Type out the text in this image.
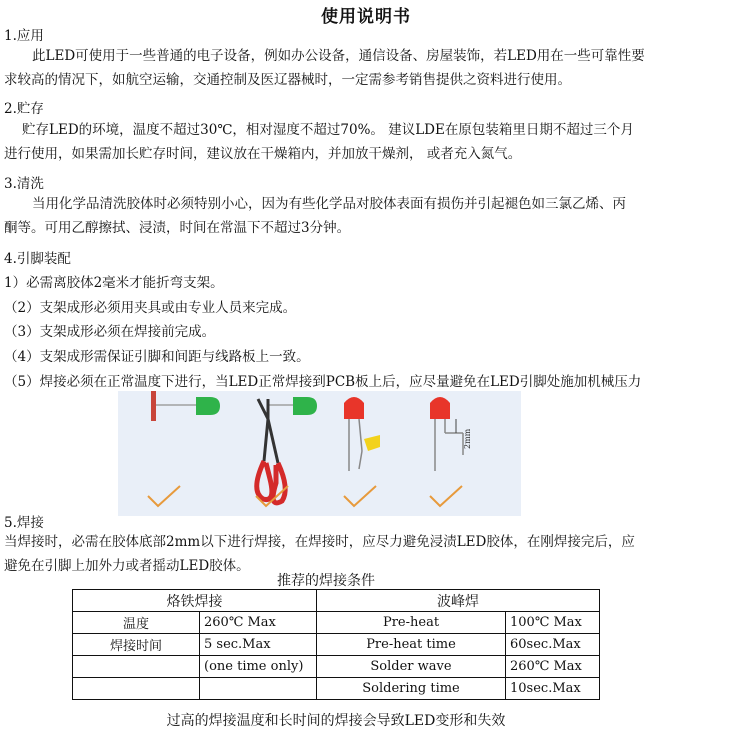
使用说明书
1.应用
此LED可使用于一些普通的电子设备，例如办公设备，通信设备、房屋装饰，若LED用在一些可靠性要
求较高的情况下，如航空运输，交通控制及医辽器械时，一定需参考销售提供之资料进行使用。
2.贮存
贮存LED的环境，温度不超过30℃，相对湿度不超过70%。 建议LDE在原包装箱里日期不超过三个月
进行使用，如果需加长贮存时间，建议放在干燥箱内，并加放干燥剂， 或者充入氮气。
3.清洗
当用化学品清洗胶体时必须特别小心，因为有些化学品对胶体表面有损伤并引起褪色如三氯乙烯、丙
酮等。可用乙醇擦拭、浸渍，时间在常温下不超过3分钟。
4.引脚装配
1）必需离胶体2毫米才能折弯支架。
（2）支架成形必须用夹具或由专业人员来完成。
（3）支架成形必须在焊接前完成。
（4）支架成形需保证引脚和间距与线路板上一致。
（5）焊接必须在正常温度下进行，当LED正常焊接到PCB板上后，应尽量避免在LED引脚处施加机械压力
2mm
5.焊接
当焊接时，必需在胶体底部2mm以下进行焊接，在焊接时，应尽力避免浸渍LED胶体，在刚焊接完后，应
避免在引脚上加外力或者摇动LED胶体。
推荐的焊接条件
烙铁焊接		波峰焊	
温度	260℃ Max	Pre-heat	100℃ Max
焊接时间	5 sec.Max	Pre-heat time	60sec.Max
	(one time only)	Solder wave	260℃ Max
		Soldering time	10sec.Max
过高的焊接温度和长时间的焊接会导致LED变形和失效
